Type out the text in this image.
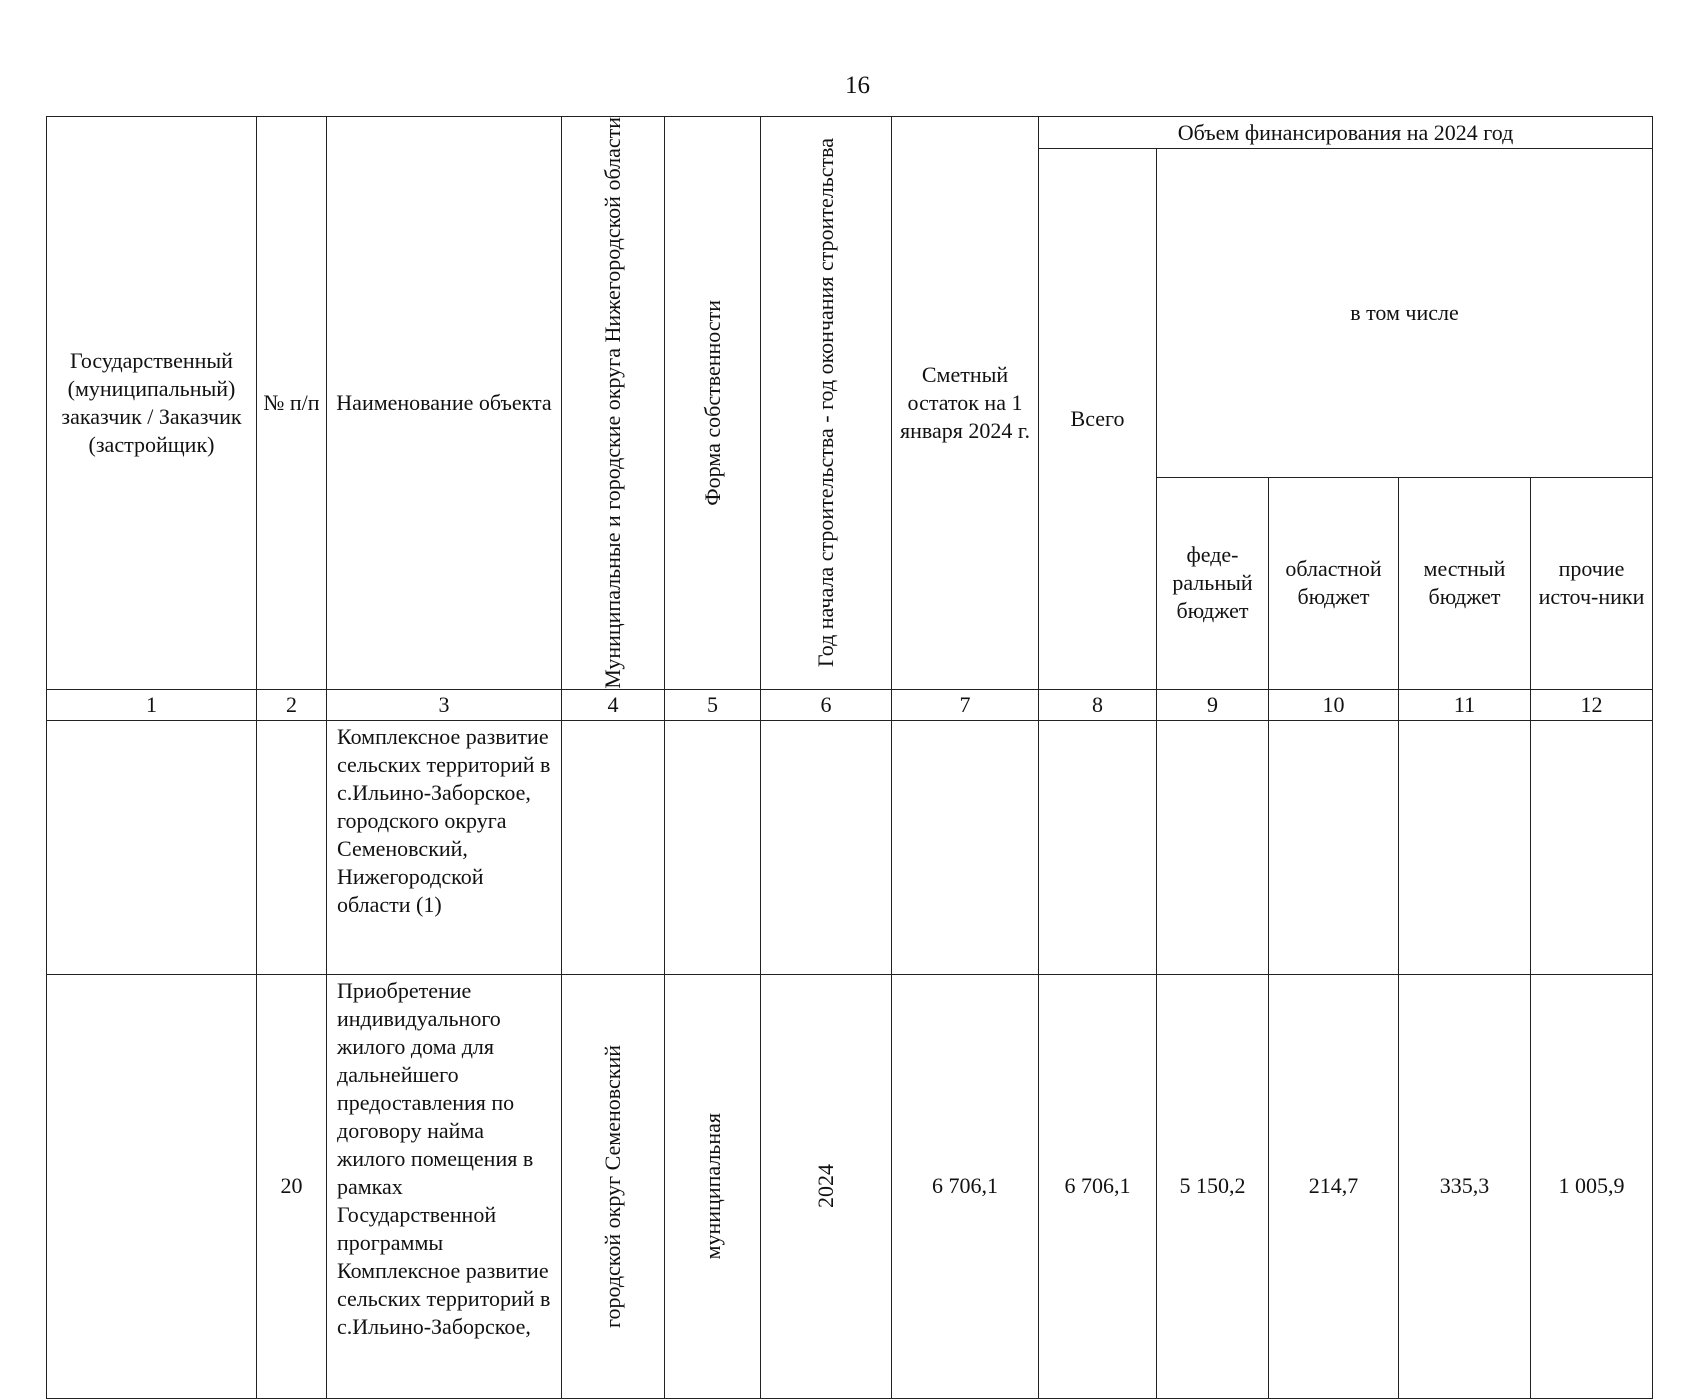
16
Государственный (муниципальный) заказчик / Заказчик (застройщик)	№ п/п	Наименование объекта	Муниципальные и городские округа Нижегородской области	Форма собственности	Год начала строительства - год окончания строительства	Сметный остаток на 1 января 2024 г.	Объем финансирования на 2024 год				
							Всего	в том числе			
								феде-ральный бюджет	областной бюджет	местный бюджет	прочие источ-ники
1	2	3	4	5	6	7	8	9	10	11	12
		Комплексное развитие сельских территорий в с.Ильино-Заборское, городского округа Семеновский, Нижегородской области (1)									
	20	Приобретение индивидуального жилого дома для дальнейшего предоставления по договору найма жилого помещения в рамках Государственной программы Комплексное развитие сельских территорий в с.Ильино-Заборское,	городской округ Семеновский	муниципальная	2024	6 706,1	6 706,1	5 150,2	214,7	335,3	1 005,9
